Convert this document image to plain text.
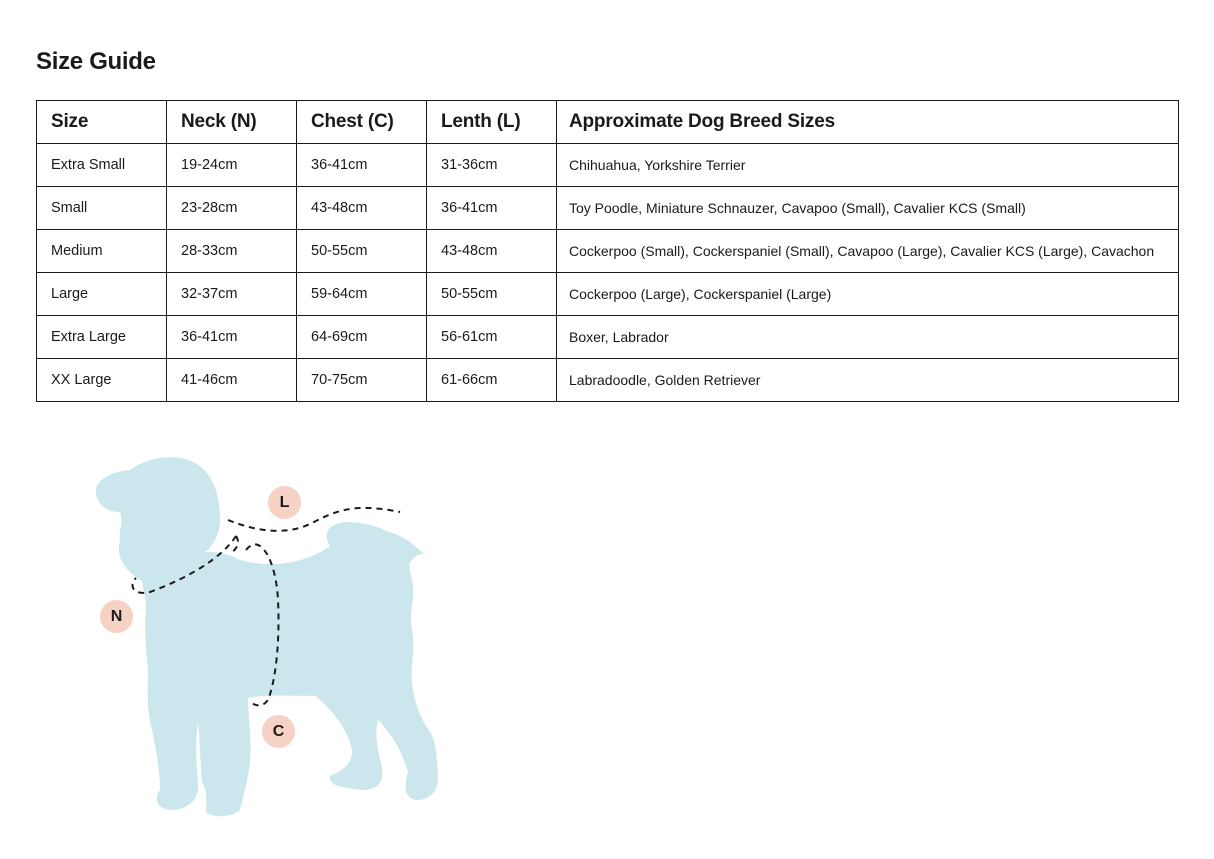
Size Guide
Size	Neck (N)	Chest (C)	Lenth (L)	Approximate Dog Breed Sizes
Extra Small	19-24cm	36-41cm	31-36cm	Chihuahua, Yorkshire Terrier
Small	23-28cm	43-48cm	36-41cm	Toy Poodle, Miniature Schnauzer, Cavapoo (Small), Cavalier KCS (Small)
Medium	28-33cm	50-55cm	43-48cm	Cockerpoo (Small), Cockerspaniel (Small), Cavapoo (Large), Cavalier KCS (Large), Cavachon
Large	32-37cm	59-64cm	50-55cm	Cockerpoo (Large), Cockerspaniel (Large)
Extra Large	36-41cm	64-69cm	56-61cm	Boxer, Labrador
XX Large	41-46cm	70-75cm	61-66cm	Labradoodle, Golden Retriever
L
N
C
